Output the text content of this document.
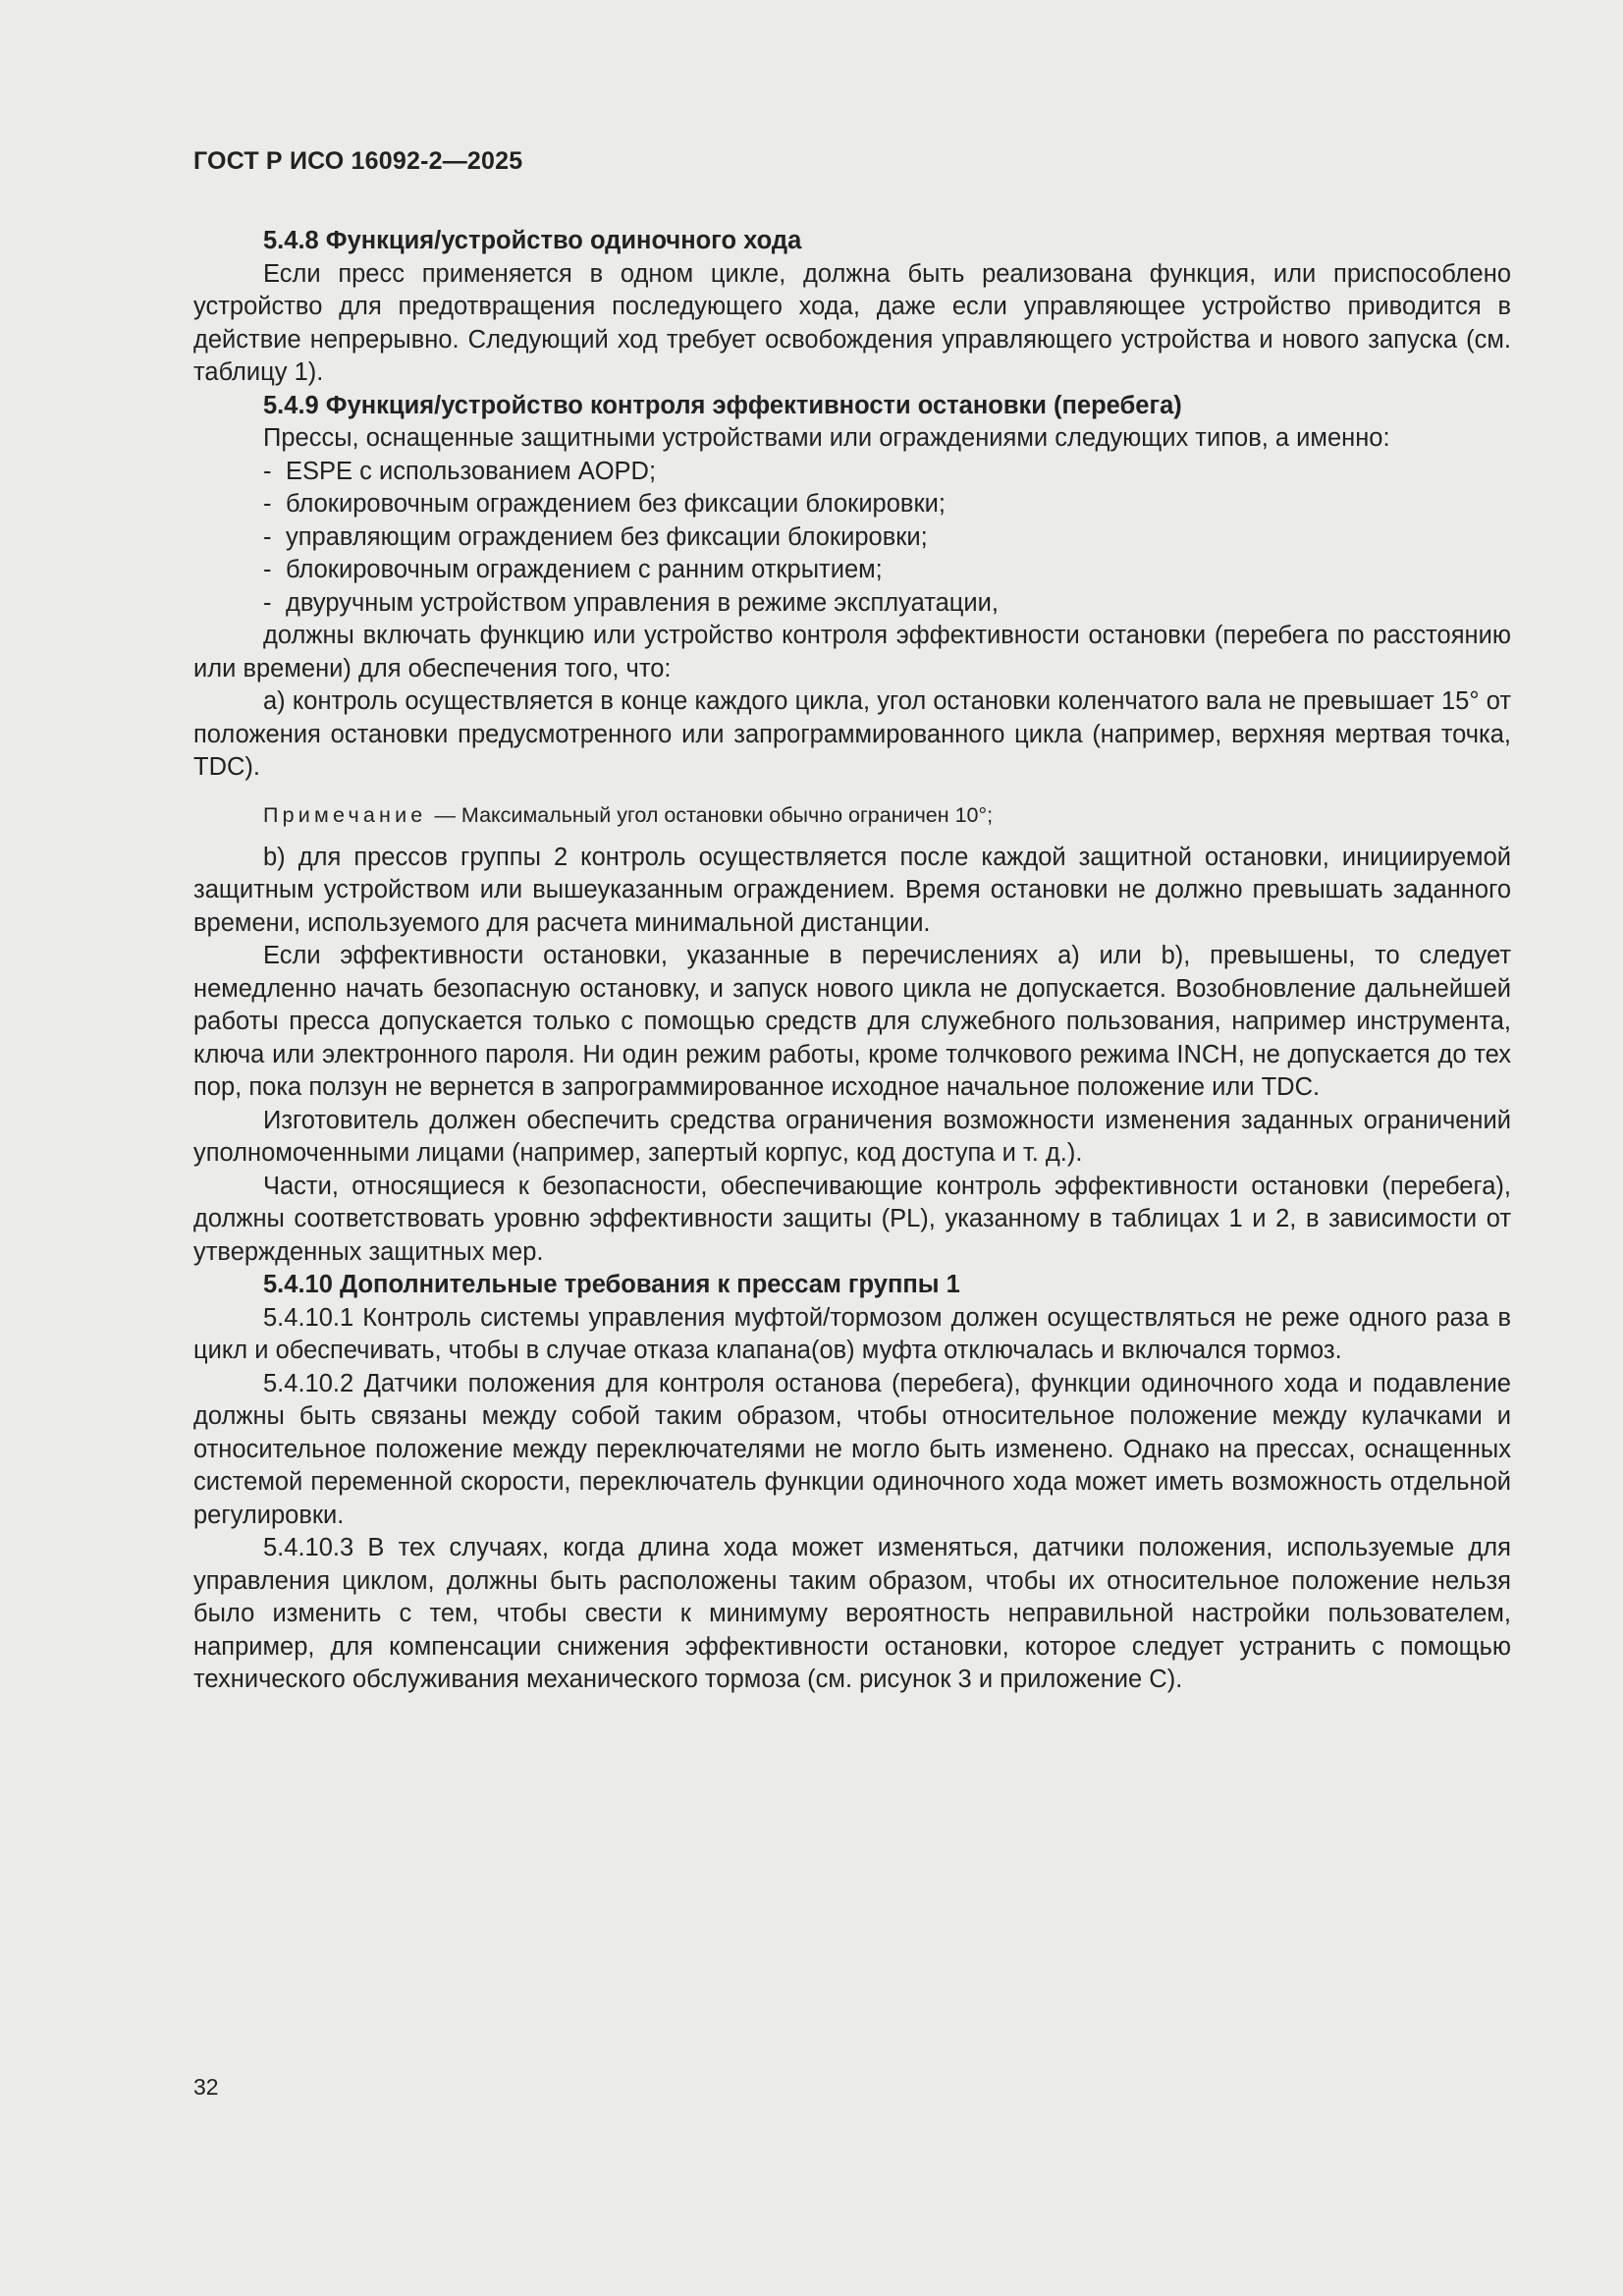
ГОСТ Р ИСО 16092-2—2025

5.4.8 Функция/устройство одиночного хода

Если пресс применяется в одном цикле, должна быть реализована функция, или приспособлено устройство для предотвращения последующего хода, даже если управляющее устройство приводится в действие непрерывно. Следующий ход требует освобождения управляющего устройства и нового запуска (см. таблицу 1).

5.4.9 Функция/устройство контроля эффективности остановки (перебега)

Прессы, оснащенные защитными устройствами или ограждениями следующих типов, а именно:

- ESPE с использованием AOPD;

- блокировочным ограждением без фиксации блокировки;

- управляющим ограждением без фиксации блокировки;

- блокировочным ограждением с ранним открытием;

- двуручным устройством управления в режиме эксплуатации,

должны включать функцию или устройство контроля эффективности остановки (перебега по расстоянию или времени) для обеспечения того, что:

а) контроль осуществляется в конце каждого цикла, угол остановки коленчатого вала не превышает 15° от положения остановки предусмотренного или запрограммированного цикла (например, верхняя мертвая точка, TDC).

Примечание — Максимальный угол остановки обычно ограничен 10°;

b) для прессов группы 2 контроль осуществляется после каждой защитной остановки, инициируемой защитным устройством или вышеуказанным ограждением. Время остановки не должно превышать заданного времени, используемого для расчета минимальной дистанции.

Если эффективности остановки, указанные в перечислениях а) или b), превышены, то следует немедленно начать безопасную остановку, и запуск нового цикла не допускается. Возобновление дальнейшей работы пресса допускается только с помощью средств для служебного пользования, например инструмента, ключа или электронного пароля. Ни один режим работы, кроме толчкового режима INCH, не допускается до тех пор, пока ползун не вернется в запрограммированное исходное начальное положение или TDC.

Изготовитель должен обеспечить средства ограничения возможности изменения заданных ограничений уполномоченными лицами (например, запертый корпус, код доступа и т. д.).

Части, относящиеся к безопасности, обеспечивающие контроль эффективности остановки (перебега), должны соответствовать уровню эффективности защиты (PL), указанному в таблицах 1 и 2, в зависимости от утвержденных защитных мер.

5.4.10 Дополнительные требования к прессам группы 1

5.4.10.1 Контроль системы управления муфтой/тормозом должен осуществляться не реже одного раза в цикл и обеспечивать, чтобы в случае отказа клапана(ов) муфта отключалась и включался тормоз.

5.4.10.2 Датчики положения для контроля останова (перебега), функции одиночного хода и подавление должны быть связаны между собой таким образом, чтобы относительное положение между кулачками и относительное положение между переключателями не могло быть изменено. Однако на прессах, оснащенных системой переменной скорости, переключатель функции одиночного хода может иметь возможность отдельной регулировки.

5.4.10.3 В тех случаях, когда длина хода может изменяться, датчики положения, используемые для управления циклом, должны быть расположены таким образом, чтобы их относительное положение нельзя было изменить с тем, чтобы свести к минимуму вероятность неправильной настройки пользователем, например, для компенсации снижения эффективности остановки, которое следует устранить с помощью технического обслуживания механического тормоза (см. рисунок 3 и приложение С).

32
